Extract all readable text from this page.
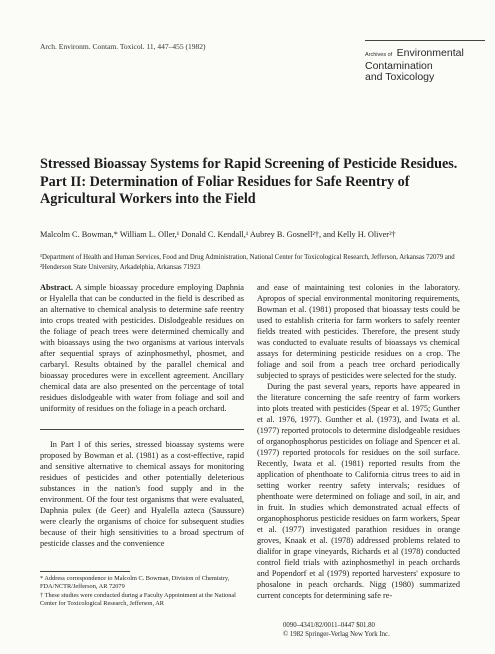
Arch. Environm. Contam. Toxicol. 11, 447–455 (1982)
Archives of Environmental
Contamination
and Toxicology
Stressed Bioassay Systems for Rapid Screening of Pesticide Residues. Part II: Determination of Foliar Residues for Safe Reentry of Agricultural Workers into the Field
Malcolm C. Bowman,* William L. Oller,¹ Donald C. Kendall,¹ Aubrey B. Gosnell²†, and Kelly H. Oliver²†
¹Department of Health and Human Services, Food and Drug Administration, National Center for Toxicological Research, Jefferson, Arkansas 72079 and ²Henderson State University, Arkadelphia, Arkansas 71923

Abstract. A simple bioassay procedure employing Daphnia or Hyalella that can be conducted in the field is described as an alternative to chemical analysis to determine safe reentry into crops treated with pesticides. Dislodgeable residues on the foliage of peach trees were determined chemically and with bioassays using the two organisms at various intervals after sequential sprays of azinphosmethyl, phosmet, and carbaryl. Results obtained by the parallel chemical and bioassay procedures were in excellent agreement. Ancillary chemical data are also presented on the percentage of total residues dislodgeable with water from foliage and soil and uniformity of residues on the foliage in a peach orchard.

In Part I of this series, stressed bioassay systems were proposed by Bowman et al. (1981) as a cost-effective, rapid and sensitive alternative to chemical assays for monitoring residues of pesticides and other potentially deleterious substances in the nation's food supply and in the environment. Of the four test organisms that were evaluated, Daphnia pulex (de Geer) and Hyalella azteca (Saussure) were clearly the organisms of choice for subsequent studies because of their high sensitivities to a broad spectrum of pesticide classes and the convenience

* Address correspondence to Malcolm C. Bowman, Division of Chemistry, FDA/NCTR/Jefferson, AR 72079

† These studies were conducted during a Faculty Appointment at the National Center for Toxicological Research, Jefferson, AR

and ease of maintaining test colonies in the laboratory. Apropos of special environmental monitoring requirements, Bowman et al. (1981) proposed that bioassay tests could be used to establish criteria for farm workers to safely reenter fields treated with pesticides. Therefore, the present study was conducted to evaluate results of bioassays vs chemical assays for determining pesticide residues on a crop. The foliage and soil from a peach tree orchard periodically subjected to sprays of pesticides were selected for the study.

During the past several years, reports have appeared in the literature concerning the safe reentry of farm workers into plots treated with pesticides (Spear et al. 1975; Gunther et al. 1976, 1977). Gunther et al. (1973), and Iwata et al. (1977) reported protocols to determine dislodgeable residues of organophosphorus pesticides on foliage and Spencer et al. (1977) reported protocols for residues on the soil surface. Recently, Iwata et al. (1981) reported results from the application of phenthoate to California citrus trees to aid in setting worker reentry safety intervals; residues of phenthoate were determined on foliage and soil, in air, and in fruit. In studies which demonstrated actual effects of organophosphorus pesticide residues on farm workers, Spear et al. (1977) investigated parathion residues in orange groves, Knaak et al. (1978) addressed problems related to dialifor in grape vineyards, Richards et al (1978) conducted control field trials with azinphosmethyl in peach orchards and Popendorf et al (1979) reported harvesters' exposure to phosalone in peach orchards. Nigg (1980) summarized current concepts for determining safe re-

0090–4341/82/0011–0447 $01.80
© 1982 Springer-Verlag New York Inc.
